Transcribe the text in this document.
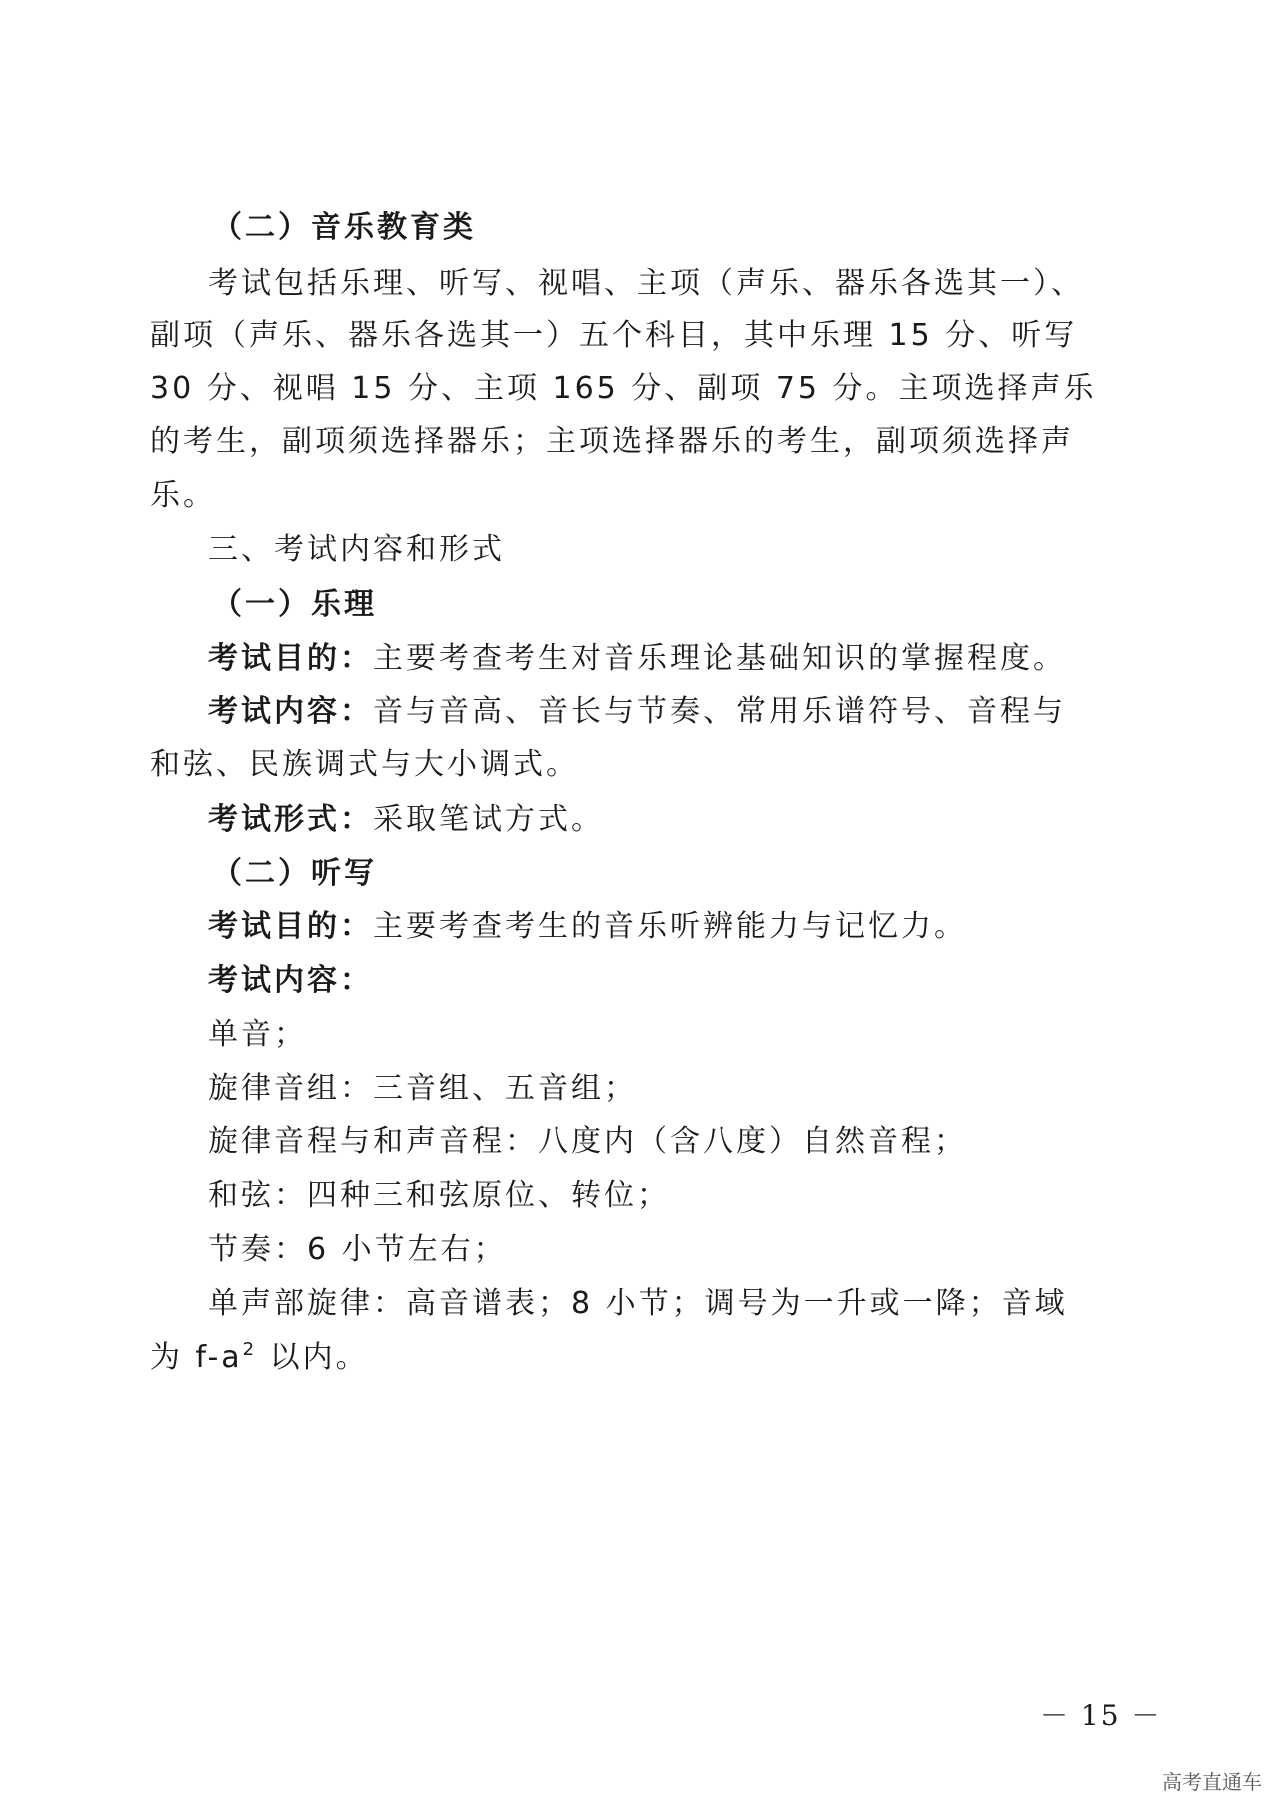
（二）音乐教育类
考试包括乐理、听写、视唱、主项（声乐、器乐各选其一）、
副项（声乐、器乐各选其一）五个科目，其中乐理 15 分、听写
30 分、视唱 15 分、主项 165 分、副项 75 分。主项选择声乐
的考生，副项须选择器乐；主项选择器乐的考生，副项须选择声
乐。
三、考试内容和形式
（一）乐理
考试目的：主要考查考生对音乐理论基础知识的掌握程度。
考试内容：音与音高、音长与节奏、常用乐谱符号、音程与
和弦、民族调式与大小调式。
考试形式：采取笔试方式。
（二）听写
考试目的：主要考查考生的音乐听辨能力与记忆力。
考试内容：
单音；
旋律音组：三音组、五音组；
旋律音程与和声音程：八度内（含八度）自然音程；
和弦：四种三和弦原位、转位；
节奏：6 小节左右；
单声部旋律：高音谱表；8 小节；调号为一升或一降；音域
为 $f-a^2$ 以内。
－ 15 －
高考直通车
